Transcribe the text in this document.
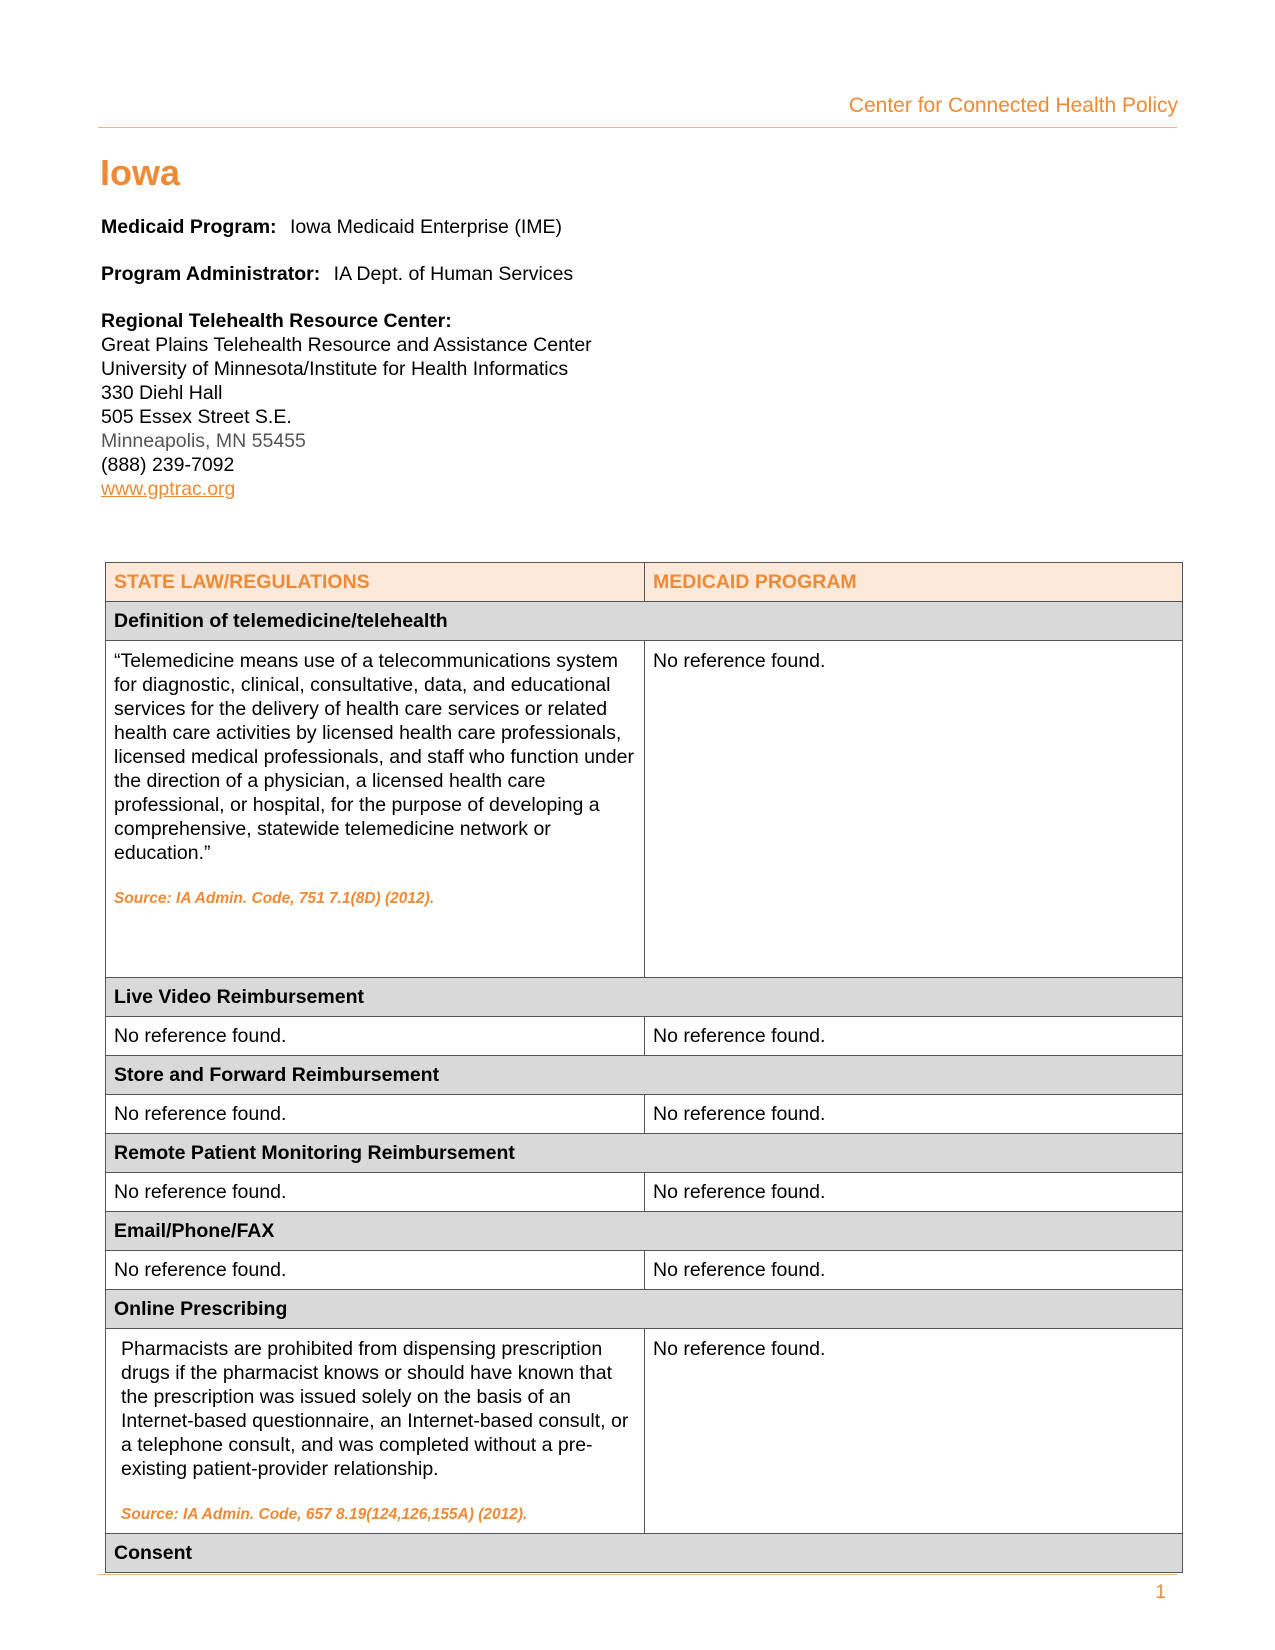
Center for Connected Health Policy
Iowa
Medicaid Program: Iowa Medicaid Enterprise (IME)
Program Administrator: IA Dept. of Human Services
Regional Telehealth Resource Center:
Great Plains Telehealth Resource and Assistance Center
University of Minnesota/Institute for Health Informatics
330 Diehl Hall
505 Essex Street S.E.
Minneapolis, MN 55455
(888) 239-7092
www.gptrac.org
STATE LAW/REGULATIONS	MEDICAID PROGRAM
Definition of telemedicine/telehealth	
“Telemedicine means use of a telecommunications system for diagnostic, clinical, consultative, data, and educational services for the delivery of health care services or related health care activities by licensed health care professionals, licensed medical professionals, and staff who function under the direction of a physician, a licensed health care professional, or hospital, for the purpose of developing a comprehensive, statewide telemedicine network or education.”
Source: IA Admin. Code, 751 7.1(8D) (2012).	No reference found.
Live Video Reimbursement	
No reference found.	No reference found.
Store and Forward Reimbursement	
No reference found.	No reference found.
Remote Patient Monitoring Reimbursement	
No reference found.	No reference found.
Email/Phone/FAX	
No reference found.	No reference found.
Online Prescribing	

Pharmacists are prohibited from dispensing prescription drugs if the pharmacist knows or should have known that the prescription was issued solely on the basis of an Internet-based questionnaire, an Internet-based consult, or a telephone consult, and was completed without a pre-existing patient-provider relationship.
Source: IA Admin. Code, 657 8.19(124,126,155A) (2012).	No reference found.
Consent	
1
